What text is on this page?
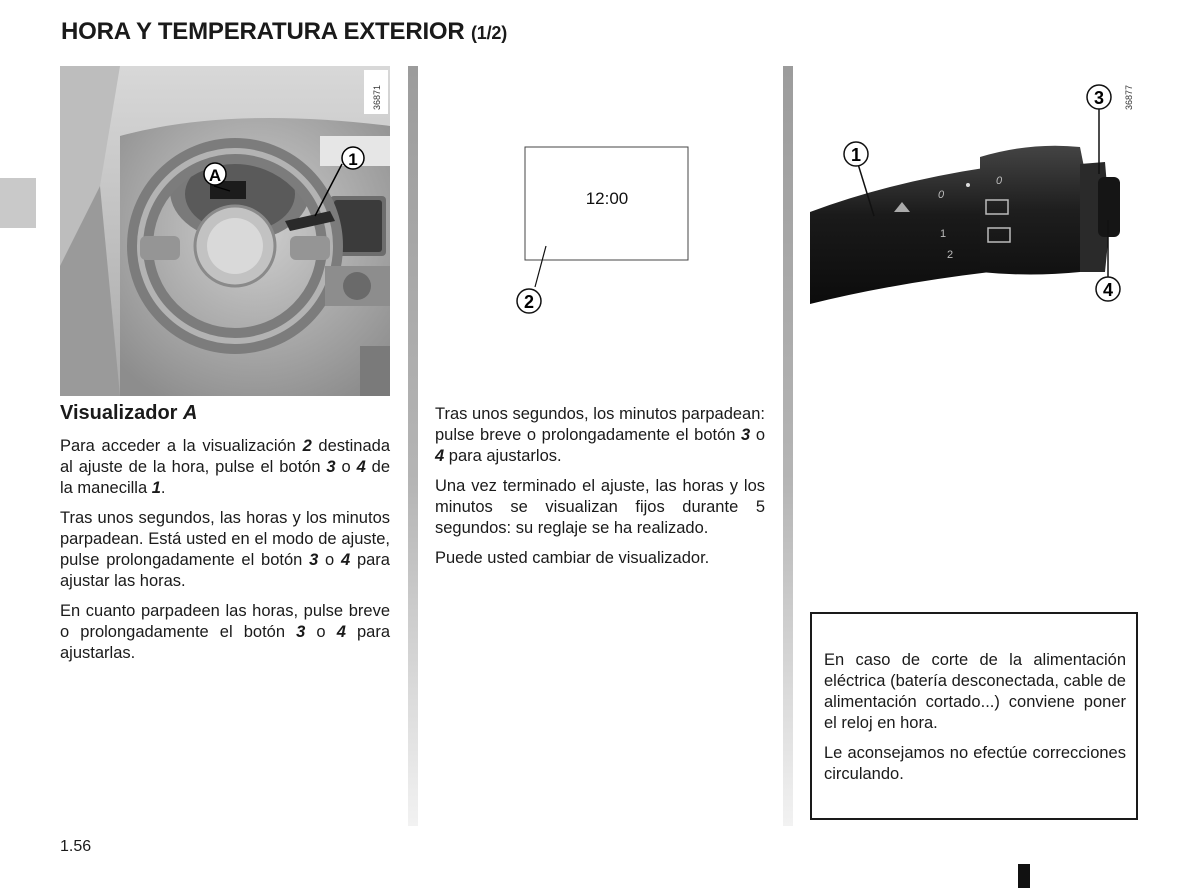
HORA Y TEMPERATURA EXTERIOR (1/2)
A
1
36871
12:00
2
0
1
2
0
1
3
4
36877
Visualizador A

Para acceder a la visualización 2 destinada al ajuste de la hora, pulse el botón 3 o 4 de la manecilla 1.

Tras unos segundos, las horas y los minutos parpadean. Está usted en el modo de ajuste, pulse prolongadamente el botón 3 o 4 para ajustar las horas.

En cuanto parpadeen las horas, pulse breve o prolongadamente el botón 3 o 4 para ajustarlas.

Tras unos segundos, los minutos parpadean: pulse breve o prolongadamente el botón 3 o 4 para ajustarlos.

Una vez terminado el ajuste, las horas y los minutos se visualizan fijos durante 5 segundos: su reglaje se ha realizado.

Puede usted cambiar de visualizador.

En caso de corte de la alimentación eléctrica (batería desconectada, cable de alimentación cortado...) conviene poner el reloj en hora.

Le aconsejamos no efectúe correcciones circulando.

1.56
